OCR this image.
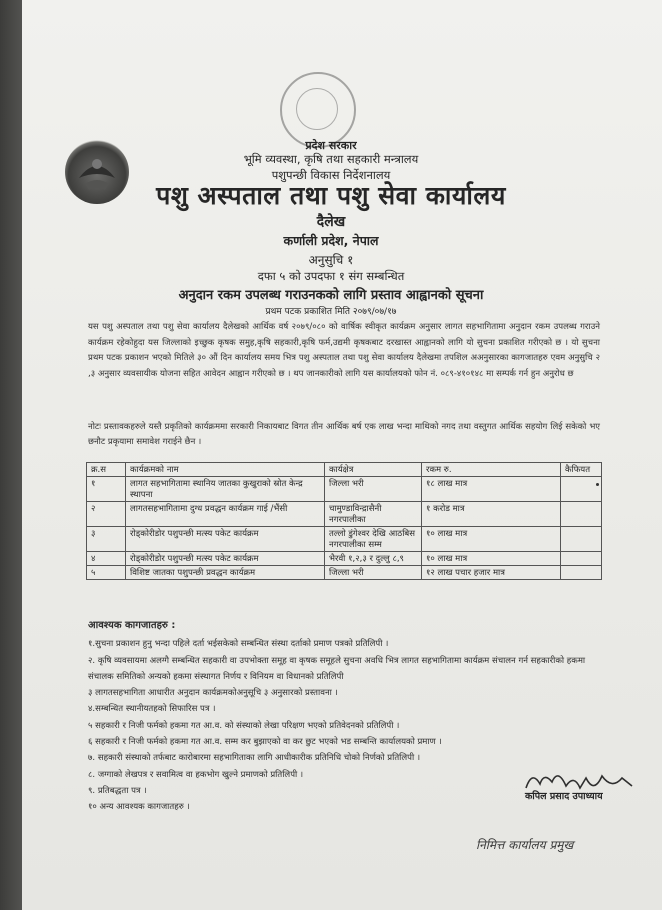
प्रदेश सरकार
भूमि व्यवस्था, कृषि तथा सहकारी मन्त्रालय
पशुपन्छी विकास निर्देशनालय
पशु अस्पताल तथा पशु सेवा कार्यालय
दैलेख
कर्णाली प्रदेश, नेपाल
अनुसुचि १
दफा ५ को उपदफा १ संग सम्बन्धित
अनुदान रकम उपलब्ध गराउनकको लागि प्रस्ताव आह्वानको सूचना
प्रथम पटक प्रकाशित मिति २०७९/०७/१७
यस पशु अस्पताल तथा पशु सेवा कार्यालय दैलेखको आर्थिक वर्ष २०७९/०८० को वार्षिक स्वीकृत कार्यक्रम अनुसार लागत सहभागितामा अनुदान रकम उपलब्ध गराउने कार्यक्रम रहेकोहुदा यस जिल्लाको इच्छुक कृषक समुह,कृषि सहकारी,कृषि फर्म,उद्यमी कृषकबाट दरखास्त आह्वानको लागि यो सुचना प्रकाशित गरीएको छ । यो सुचना प्रथम पटक प्रकाशन भएको मितिले ३० औं दिन कार्यालय समय भित्र पशु अस्पताल तथा पशु सेवा कार्यालय दैलेखमा तपशिल अअनुसारका कागजातहरु एवम अनुसुचि २ ,३ अनुसार व्यवसायीक योजना सहित आवेदन आह्वान गरीएको छ । थप जानकारीको लागि यस कार्यालयको फोन नं. ०८९-४१०१४८ मा सम्पर्क गर्न हुन अनुरोध छ
नोटः प्रस्तावकहरुले यस्तै प्रकृतिको कार्यक्रममा सरकारी निकायबाट विगत तीन आर्थिक बर्ष एक लाख भन्दा माथिको नगद तथा वस्तुगत आर्थिक सहयोग लिई सकेको भए छनौट प्रकृयामा समावेश गराईने छैन ।
क्र.स	कार्यक्रमको नाम	कार्यक्षेत्र	रकम रु.	कैफियत
१	लागत सहभागितामा स्थानिय जातका कुखुराको स्रोत केन्द्र स्थापना	जिल्ला भरी	१८ लाख मात्र	
२	लागतसहभागितामा दुग्ध प्रवद्धन कार्यक्रम गाई /भैंसी	चामुण्डाविन्द्रासैनी नगरपालीका	१ करोड मात्र	
३	रोड्कोरीडोर पशुपन्छी मत्स्य पकेट कार्यक्रम	तल्लो डुंगेश्वर देखि आठबिस नगरपालीका सम्म	१० लाख मात्र	
४	रोड्कोरीडोर पशुपन्छी मत्स्य पकेट कार्यक्रम	भैरवी १,२,३ र दुल्लु ८,९	१० लाख मात्र	
५	विशिष्ट जातका पशुपन्छी प्रवद्धन कार्यक्रम	जिल्ला भरी	१२ लाख पचार हजार मात्र	
आवश्यक कागजातहरु :
१.सुचना प्रकाशन हुनु भन्दा पहिले दर्ता भईसकेको सम्बन्धित संस्था दर्ताको प्रमाण पत्रको प्रतिलिपी ।
२. कृषि व्यवसायमा अलग्गै सम्बन्धित सहकारी वा उपभोक्ता समूह वा कृषक समूहले सुचना अवधि भित्र लागत सहभागितामा कार्यक्रम संचालन गर्न सहकारीको हकमा संचालक समितिको अन्यको हकमा संस्थागत निर्णय र विनियम वा विधानको प्रतिलिपी
३ लागतसहभागिता आधारीत अनुदान कार्यक्रमकोअनुसूचि ३ अनुसारको प्रस्तावना ।
४.सम्बन्धित स्थानीयतहको सिफारिस पत्र ।
५ सहकारी र निजी फर्मको हकमा गत आ.व. को संस्थाको लेखा परिक्षण भएको प्रतिवेदनको प्रतिलिपी ।
६ सहकारी र निजी फर्मको हकमा गत आ.व. सम्म कर बुझाएको वा कर छुट भएको भड सम्बन्ति कार्यालयको प्रमाण ।
७. सहकारी संस्थाको तर्फबाट कारोबारमा सहभागिताका लागि आधीकारीक प्रतिनिधि चोको निर्णको प्रतिलिपी ।
८. जग्गाको लेखपत्र र सवामित्व वा हकभोग खुल्ने प्रमाणको प्रतिलिपी ।
९. प्रतिबद्धता पत्र ।
१० अन्य आवश्यक कागजातहरु ।
कपिल प्रसाद उपाध्याय
निमित्त कार्यालय प्रमुख
